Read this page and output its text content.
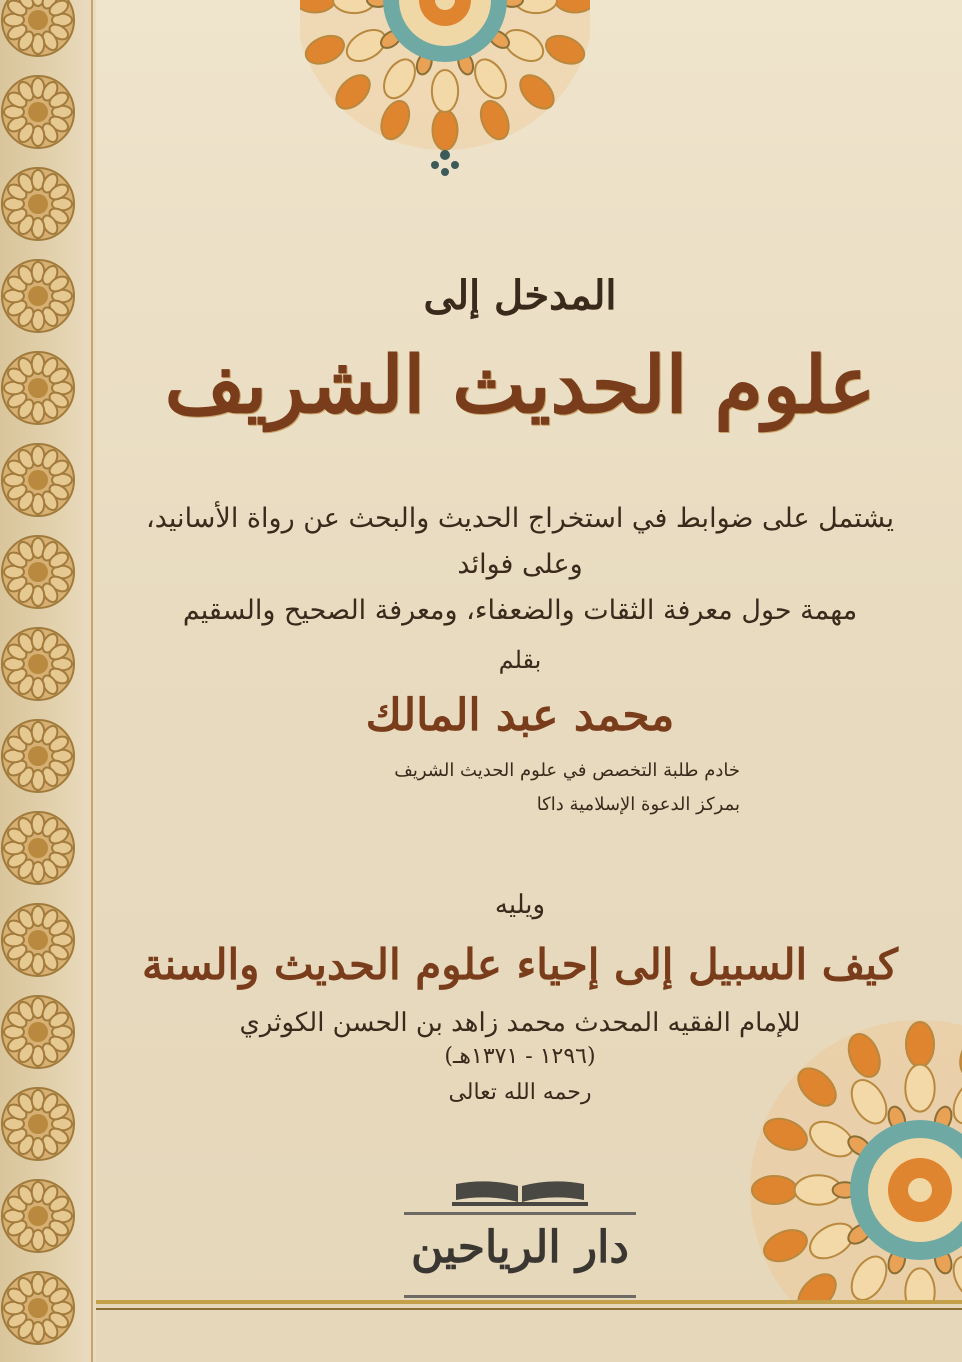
المدخل إلى
علوم الحديث الشريف
يشتمل على ضوابط في استخراج الحديث والبحث عن رواة الأسانيد، وعلى فوائد
مهمة حول معرفة الثقات والضعفاء، ومعرفة الصحيح والسقيم
بقلم
محمد عبد المالك
خادم طلبة التخصص في علوم الحديث الشريف
بمركز الدعوة الإسلامية داكا
ويليه
كيف السبيل إلى إحياء علوم الحديث والسنة
للإمام الفقيه المحدث محمد زاهد بن الحسن الكوثري
(١٢٩٦ - ١٣٧١هـ)
رحمه الله تعالى
دار الرياحين
